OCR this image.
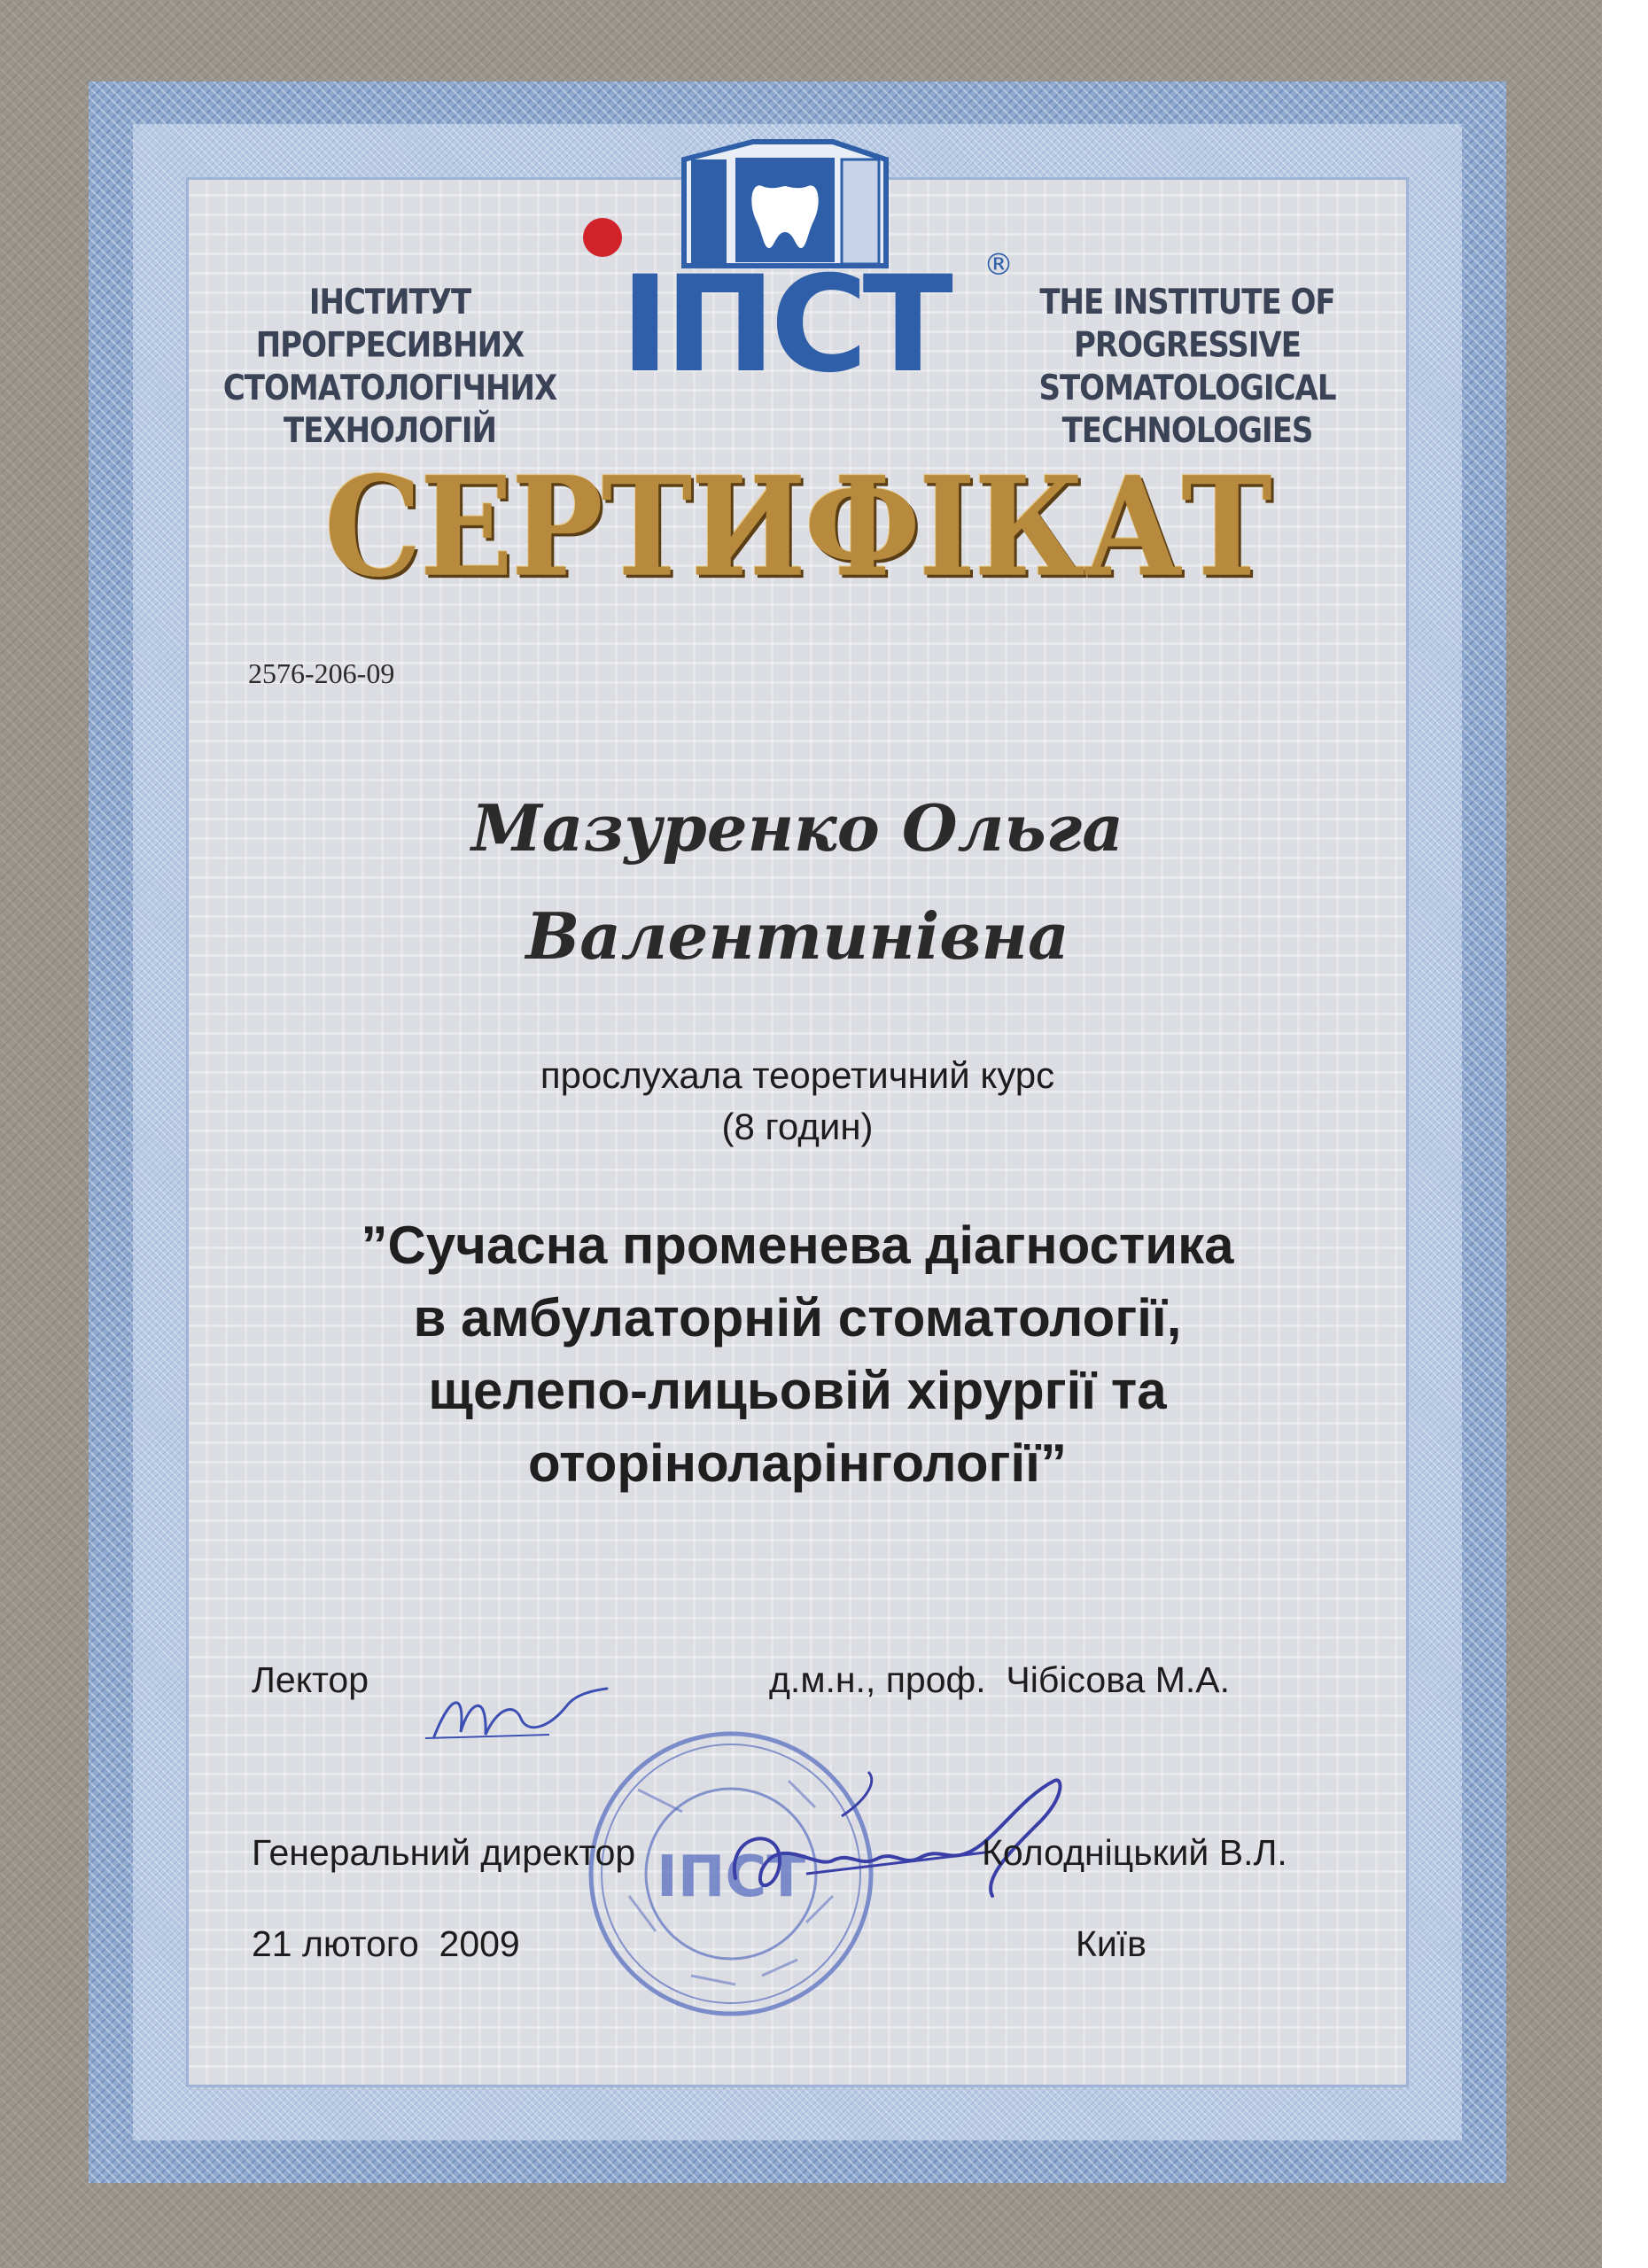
ІНСТИТУТ ПРОГРЕСИВНИХ
СТОМАТОЛОГІЧНИХ ТЕХНОЛОГІЙ
THE INSTITUTE OF PROGRESSIVE
STOMATOLOGICAL TECHNOLOGIES
ІПСТ ®
СЕРТИФІКАТ
2576-206-09
Мазуренко Ольга
Валентинівна
прослухала теоретичний курс
(8 годин)
”Сучасна променева діагностика
в амбулаторній стоматології,
щелепо-лицьовій хірургії та
оторіноларінгології”
ІПСТ
Лектор	д.м.н., проф.  Чібісова М.А.
Генеральний директор	Колодніцький В.Л.
21 лютого  2009	Київ
